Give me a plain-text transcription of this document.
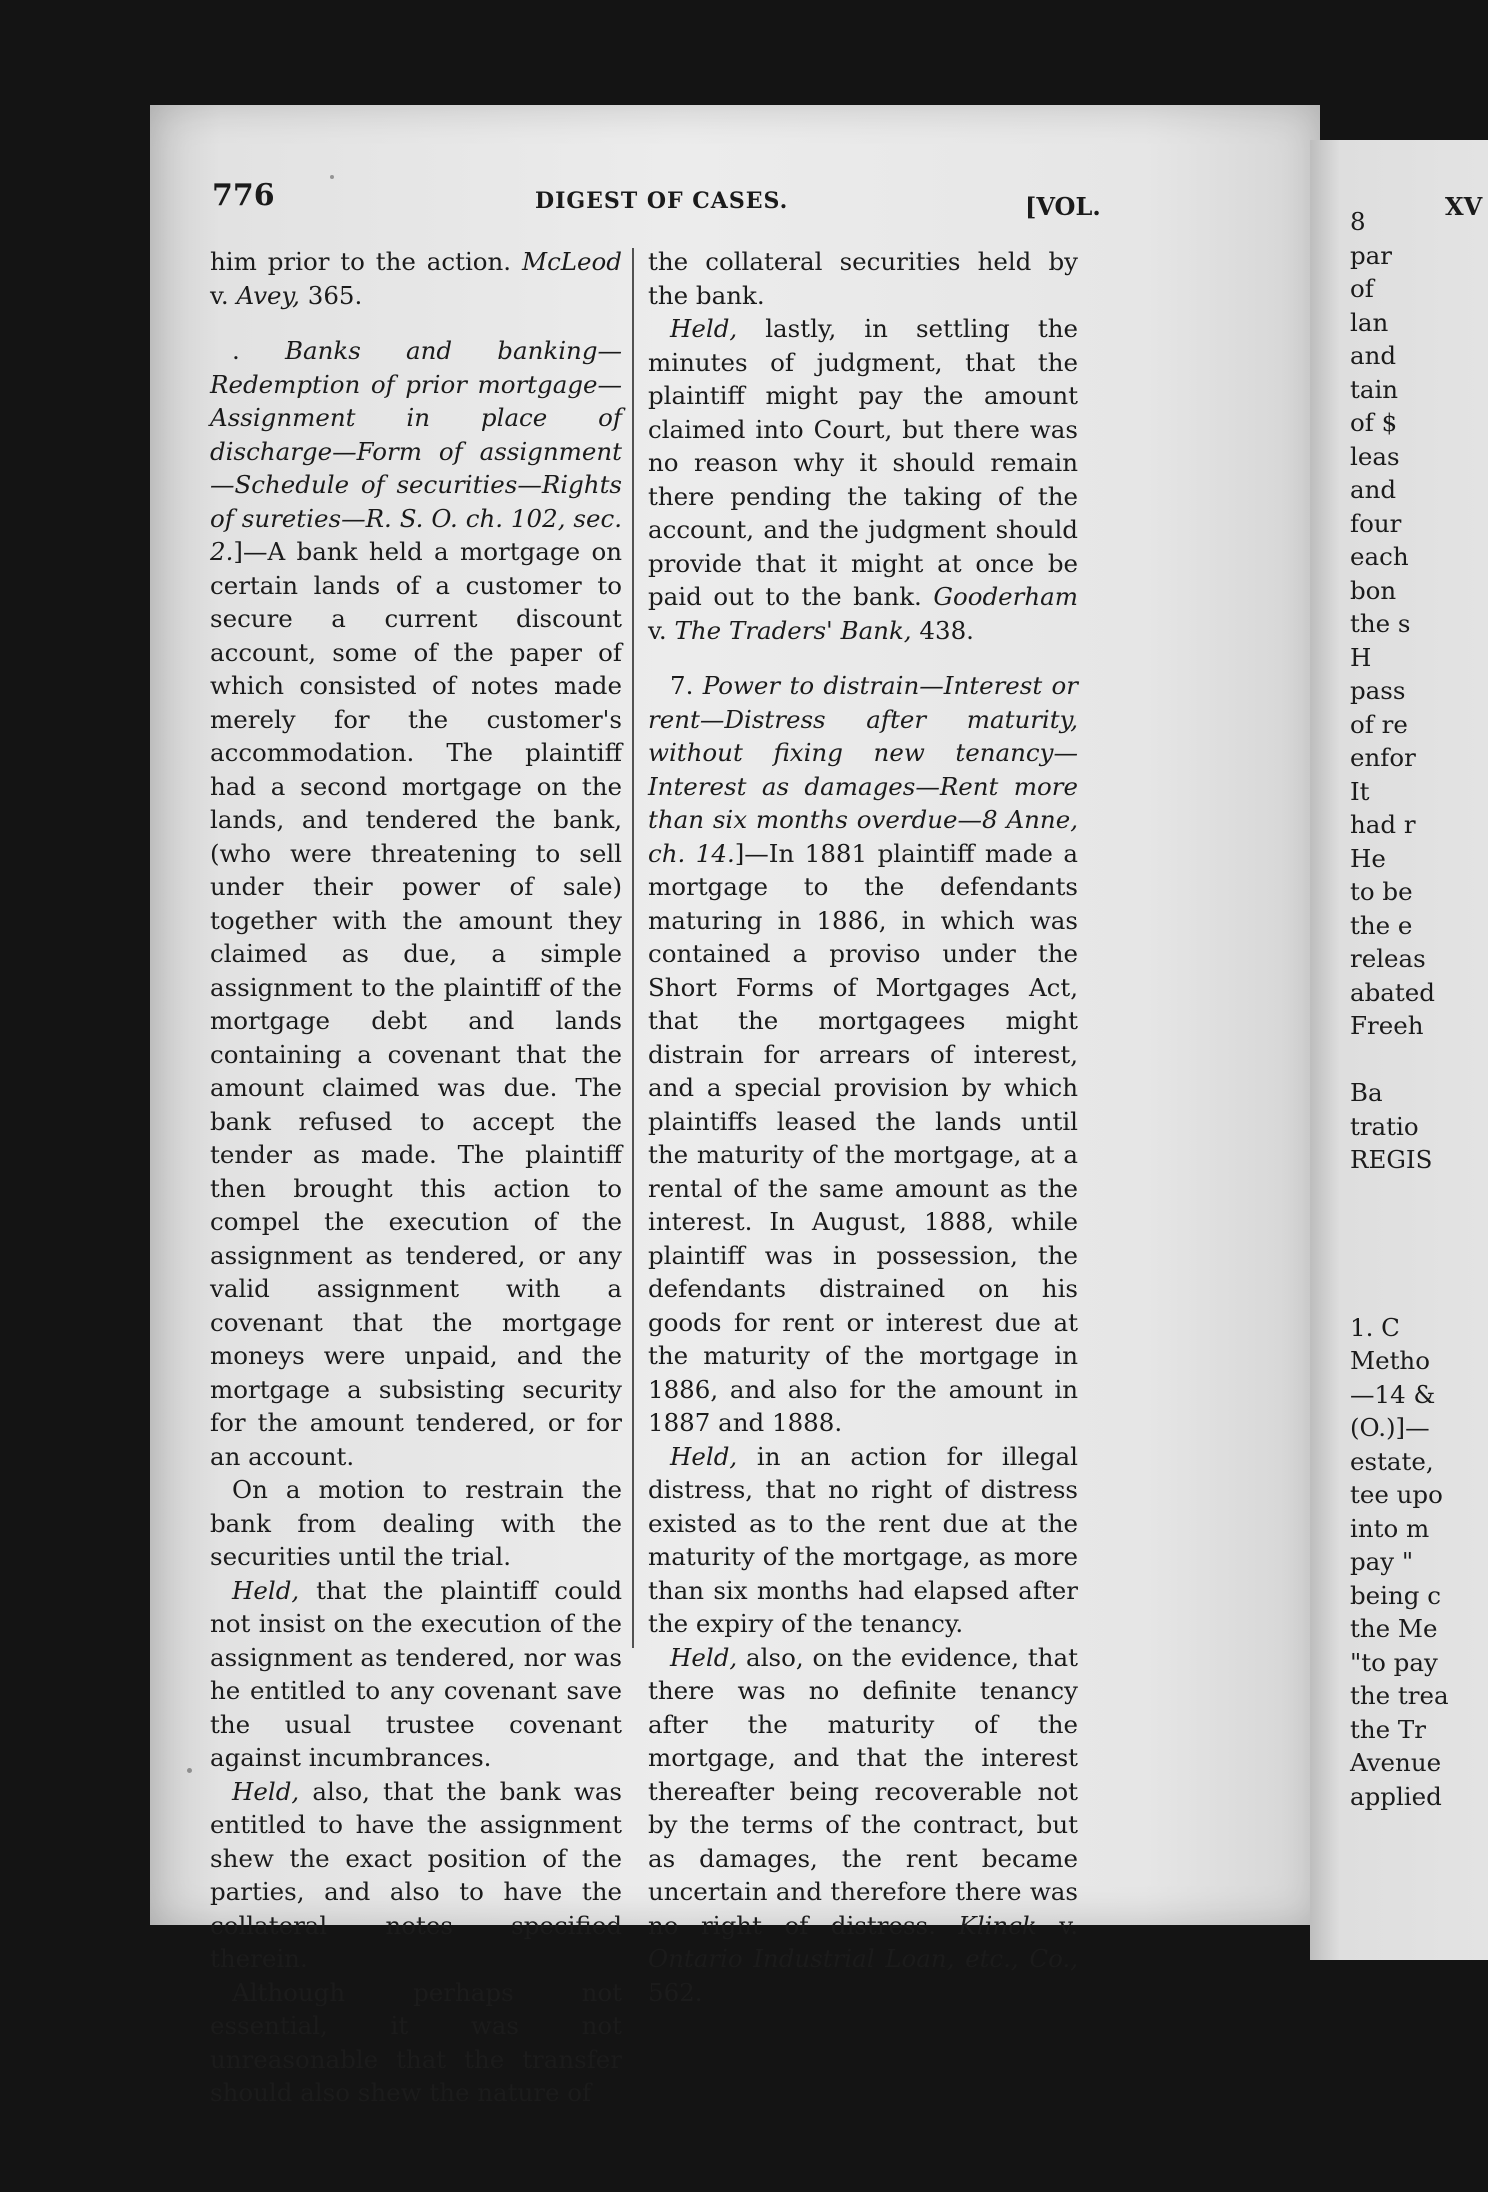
776	DIGEST OF CASES.	[VOL.	XV

him prior to the action. McLeod v. Avey, 365.

. Banks and banking—Redemption of prior mortgage—Assignment in place of discharge—Form of assignment—Schedule of securities—Rights of sureties—R. S. O. ch. 102, sec. 2.]—A bank held a mortgage on certain lands of a customer to secure a current discount account, some of the paper of which consisted of notes made merely for the customer's accommodation. The plaintiff had a second mortgage on the lands, and tendered the bank, (who were threatening to sell under their power of sale) together with the amount they claimed as due, a simple assignment to the plaintiff of the mortgage debt and lands containing a covenant that the amount claimed was due. The bank refused to accept the tender as made. The plaintiff then brought this action to compel the execution of the assignment as tendered, or any valid assignment with a covenant that the mortgage moneys were unpaid, and the mortgage a subsisting security for the amount tendered, or for an account.

On a motion to restrain the bank from dealing with the securities until the trial.

Held, that the plaintiff could not insist on the execution of the assignment as tendered, nor was he entitled to any covenant save the usual trustee covenant against incumbrances.

Held, also, that the bank was entitled to have the assignment shew the exact position of the parties, and also to have the collateral notes specified therein.

Although perhaps not essential, it was not unreasonable that the transfer should also shew the nature of

the collateral securities held by the bank.

Held, lastly, in settling the minutes of judgment, that the plaintiff might pay the amount claimed into Court, but there was no reason why it should remain there pending the taking of the account, and the judgment should provide that it might at once be paid out to the bank. Gooderham v. The Traders' Bank, 438.

7. Power to distrain—Interest or rent—Distress after maturity, without fixing new tenancy—Interest as damages—Rent more than six months overdue—8 Anne, ch. 14.]—In 1881 plaintiff made a mortgage to the defendants maturing in 1886, in which was contained a proviso under the Short Forms of Mortgages Act, that the mortgagees might distrain for arrears of interest, and a special provision by which plaintiffs leased the lands until the maturity of the mortgage, at a rental of the same amount as the interest. In August, 1888, while plaintiff was in possession, the defendants distrained on his goods for rent or interest due at the maturity of the mortgage in 1886, and also for the amount in 1887 and 1888.

Held, in an action for illegal distress, that no right of distress existed as to the rent due at the maturity of the mortgage, as more than six months had elapsed after the expiry of the tenancy.

Held, also, on the evidence, that there was no definite tenancy after the maturity of the mortgage, and that the interest thereafter being recoverable not by the terms of the contract, but as damages, the rent became uncertain and therefore there was no right of distress. Klinck v. Ontario Industrial Loan, etc., Co., 562.

8

par

of

lan

and

tain

of $

leas

and

four

each

bon

the s

H

pass

of re

enfor

It

had r

He

to be

the e

releas

abated

Freeh

Ba

tratio

REGIS

1. C

Metho

—14 &

(O.)]—

estate,

tee upo

into m

pay "

being c

the Me

"to pay

the trea

the Tr

Avenue

applied
